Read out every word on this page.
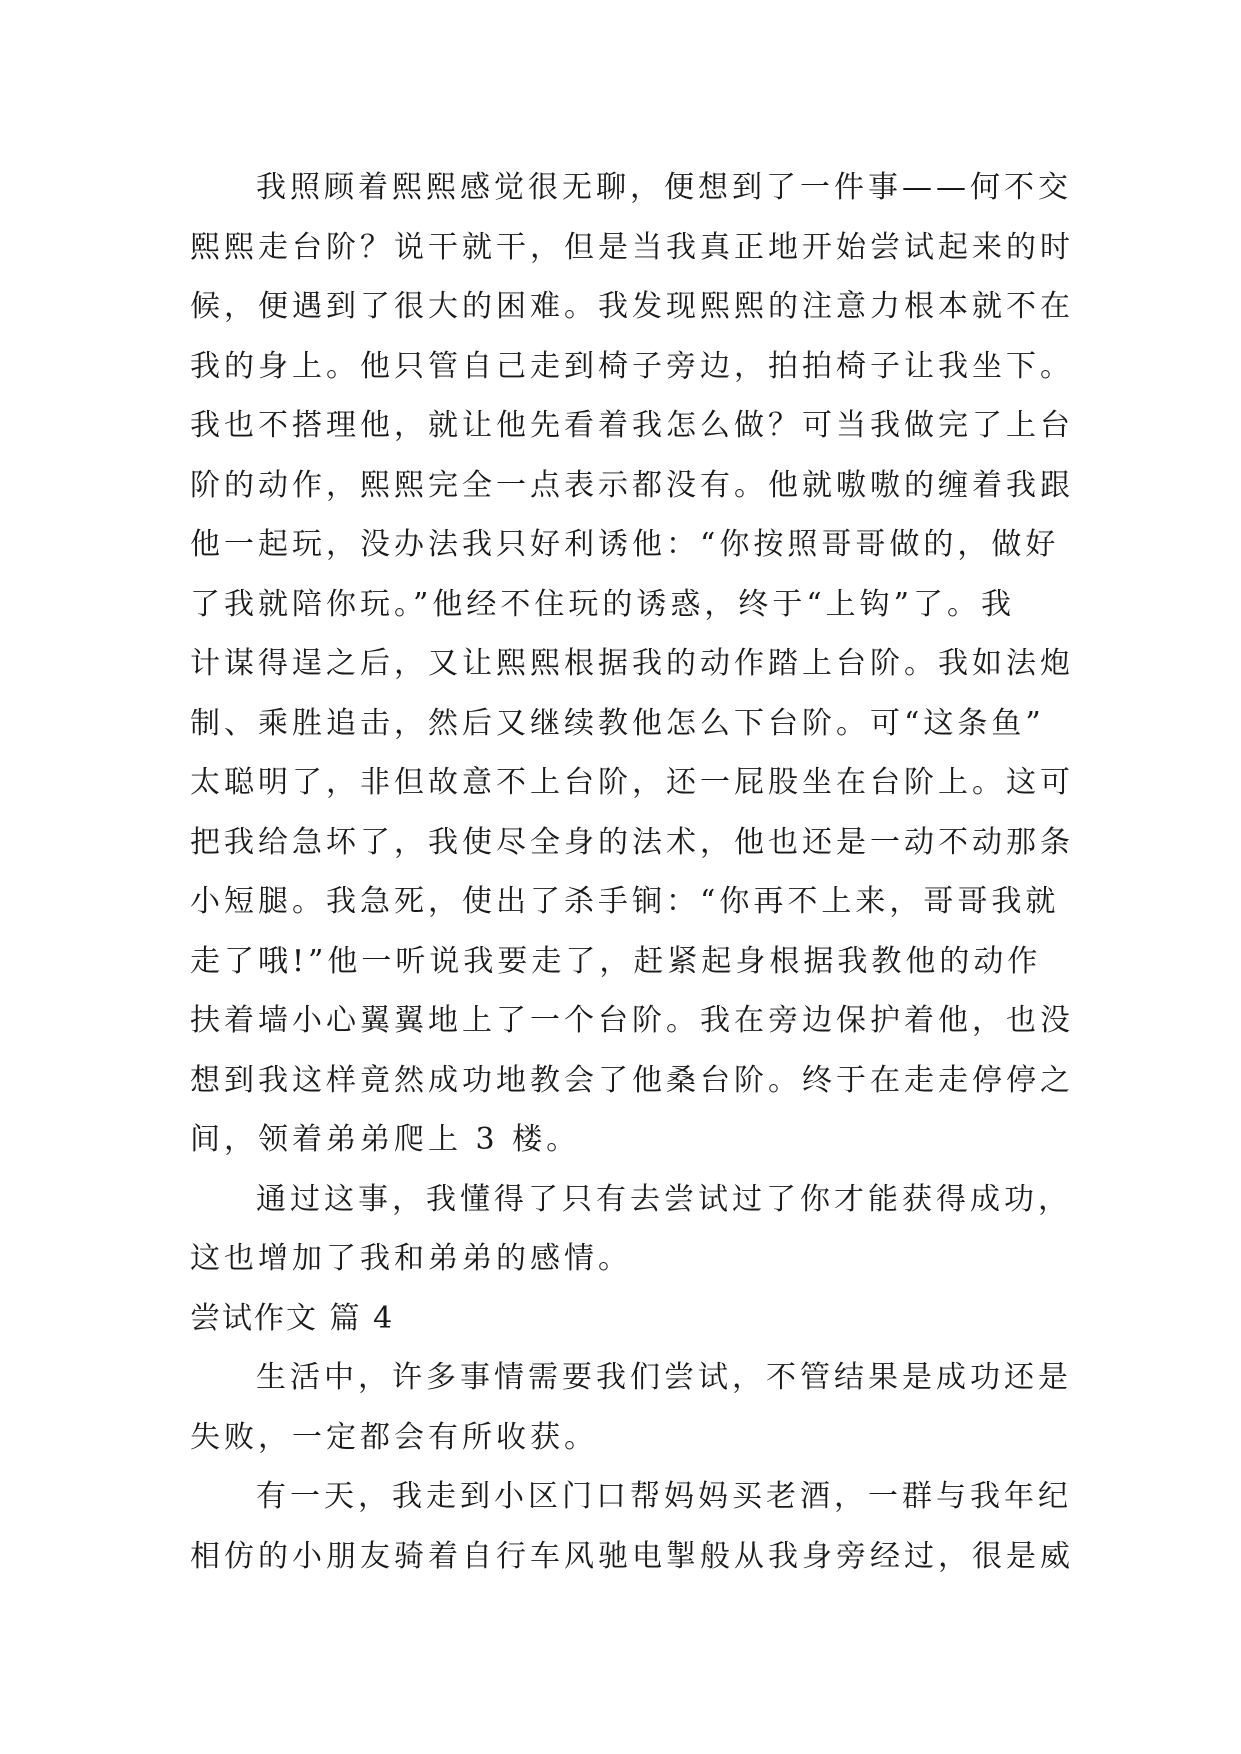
我照顾着熙熙感觉很无聊，便想到了一件事——何不交
熙熙走台阶？说干就干，但是当我真正地开始尝试起来的时
候，便遇到了很大的困难。我发现熙熙的注意力根本就不在
我的身上。他只管自己走到椅子旁边，拍拍椅子让我坐下。
我也不搭理他，就让他先看着我怎么做？可当我做完了上台
阶的动作，熙熙完全一点表示都没有。他就嗷嗷的缠着我跟
他一起玩，没办法我只好利诱他：“你按照哥哥做的，做好
了我就陪你玩。”他经不住玩的诱惑，终于“上钩”了。我
计谋得逞之后，又让熙熙根据我的动作踏上台阶。我如法炮
制、乘胜追击，然后又继续教他怎么下台阶。可“这条鱼”
太聪明了，非但故意不上台阶，还一屁股坐在台阶上。这可
把我给急坏了，我使尽全身的法术，他也还是一动不动那条
小短腿。我急死，使出了杀手锏：“你再不上来，哥哥我就
走了哦!”他一听说我要走了，赶紧起身根据我教他的动作
扶着墙小心翼翼地上了一个台阶。我在旁边保护着他，也没
想到我这样竟然成功地教会了他桑台阶。终于在走走停停之
间，领着弟弟爬上 3 楼。
通过这事，我懂得了只有去尝试过了你才能获得成功，
这也增加了我和弟弟的感情。
尝试作文 篇 4
生活中，许多事情需要我们尝试，不管结果是成功还是
失败，一定都会有所收获。
有一天，我走到小区门口帮妈妈买老酒，一群与我年纪
相仿的小朋友骑着自行车风驰电掣般从我身旁经过，很是威
